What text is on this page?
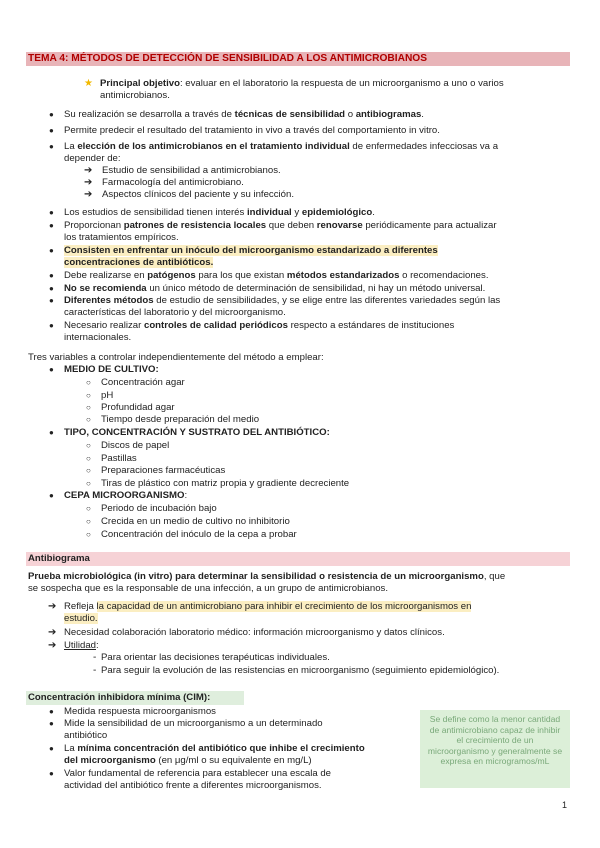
TEMA 4: MÉTODOS DE DETECCIÓN DE SENSIBILIDAD A LOS ANTIMICROBIANOS
★ Principal objetivo: evaluar en el laboratorio la respuesta de un microorganismo a uno o varios
antimicrobianos.
● Su realización se desarrolla a través de técnicas de sensibilidad o antibiogramas.
● Permite predecir el resultado del tratamiento in vivo a través del comportamiento in vitro.
● La elección de los antimicrobianos en el tratamiento individual de enfermedades infecciosas va a
depender de:
➔ Estudio de sensibilidad a antimicrobianos.
➔ Farmacología del antimicrobiano.
➔ Aspectos clínicos del paciente y su infección.
● Los estudios de sensibilidad tienen interés individual y epidemiológico.
● Proporcionan patrones de resistencia locales que deben renovarse periódicamente para actualizar
los tratamientos empíricos.
● Consisten en enfrentar un inóculo del microorganismo estandarizado a diferentes
concentraciones de antibióticos.
● Debe realizarse en patógenos para los que existan métodos estandarizados o recomendaciones.
● No se recomienda un único método de determinación de sensibilidad, ni hay un método universal.
● Diferentes métodos de estudio de sensibilidades, y se elige entre las diferentes variedades según las
características del laboratorio y del microorganismo.
● Necesario realizar controles de calidad periódicos respecto a estándares de instituciones
internacionales.
Tres variables a controlar independientemente del método a emplear:
● MEDIO DE CULTIVO:
○ Concentración agar
○ pH
○ Profundidad agar
○ Tiempo desde preparación del medio
● TIPO, CONCENTRACIÓN Y SUSTRATO DEL ANTIBIÓTICO:
○ Discos de papel
○ Pastillas
○ Preparaciones farmacéuticas
○ Tiras de plástico con matriz propia y gradiente decreciente
● CEPA MICROORGANISMO:
○ Periodo de incubación bajo
○ Crecida en un medio de cultivo no inhibitorio
○ Concentración del inóculo de la cepa a probar
Antibiograma
Prueba microbiológica (in vitro) para determinar la sensibilidad o resistencia de un microorganismo, que
se sospecha que es la responsable de una infección, a un grupo de antimicrobianos.
➔ Refleja la capacidad de un antimicrobiano para inhibir el crecimiento de los microorganismos en
estudio.
➔ Necesidad colaboración laboratorio médico: información microorganismo y datos clínicos.
➔ Utilidad:
- Para orientar las decisiones terapéuticas individuales.
- Para seguir la evolución de las resistencias en microorganismo (seguimiento epidemiológico).
Concentración inhibidora mínima (CIM):
● Medida respuesta microorganismos
● Mide la sensibilidad de un microorganismo a un determinado
antibiótico
● La mínima concentración del antibiótico que inhibe el crecimiento
del microorganismo (en μg/ml o su equivalente en mg/L)
● Valor fundamental de referencia para establecer una escala de
actividad del antibiótico frente a diferentes microorganismos.
Se define como la menor cantidad de antimicrobiano capaz de inhibir el crecimiento de un microorganismo y generalmente se expresa en microgramos/mL
1
